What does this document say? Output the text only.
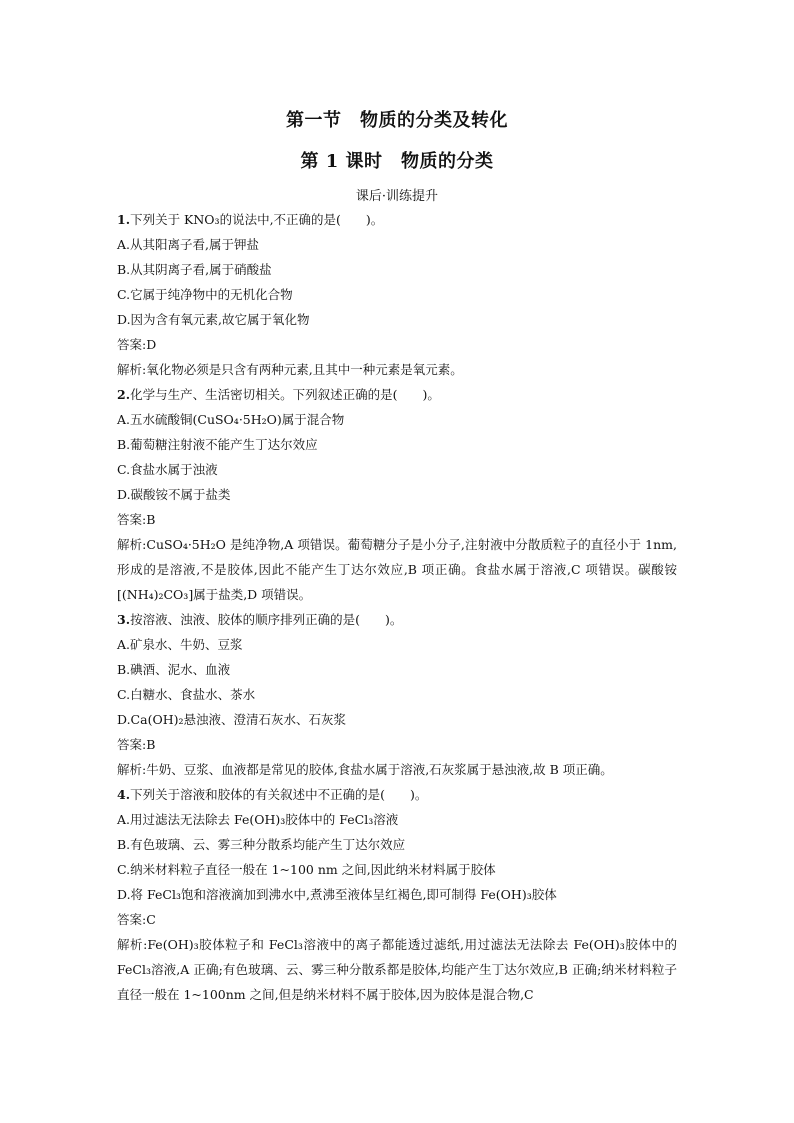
第一节　物质的分类及转化
第 1 课时　物质的分类
课后·训练提升
1.下列关于 KNO₃的说法中,不正确的是(　　)。
A.从其阳离子看,属于钾盐
B.从其阴离子看,属于硝酸盐
C.它属于纯净物中的无机化合物
D.因为含有氧元素,故它属于氧化物
答案:D
解析:氧化物必须是只含有两种元素,且其中一种元素是氧元素。
2.化学与生产、生活密切相关。下列叙述正确的是(　　)。
A.五水硫酸铜(CuSO₄·5H₂O)属于混合物
B.葡萄糖注射液不能产生丁达尔效应
C.食盐水属于浊液
D.碳酸铵不属于盐类
答案:B
解析:CuSO₄·5H₂O 是纯净物,A 项错误。葡萄糖分子是小分子,注射液中分散质粒子的直径小于 1nm,形成的是溶液,不是胶体,因此不能产生丁达尔效应,B 项正确。食盐水属于溶液,C 项错误。碳酸铵[(NH₄)₂CO₃]属于盐类,D 项错误。
3.按溶液、浊液、胶体的顺序排列正确的是(　　)。
A.矿泉水、牛奶、豆浆
B.碘酒、泥水、血液
C.白糖水、食盐水、茶水
D.Ca(OH)₂悬浊液、澄清石灰水、石灰浆
答案:B
解析:牛奶、豆浆、血液都是常见的胶体,食盐水属于溶液,石灰浆属于悬浊液,故 B 项正确。
4.下列关于溶液和胶体的有关叙述中不正确的是(　　)。
A.用过滤法无法除去 Fe(OH)₃胶体中的 FeCl₃溶液
B.有色玻璃、云、雾三种分散系均能产生丁达尔效应
C.纳米材料粒子直径一般在 1~100 nm 之间,因此纳米材料属于胶体
D.将 FeCl₃饱和溶液滴加到沸水中,煮沸至液体呈红褐色,即可制得 Fe(OH)₃胶体
答案:C
解析:Fe(OH)₃胶体粒子和 FeCl₃溶液中的离子都能透过滤纸,用过滤法无法除去 Fe(OH)₃胶体中的 FeCl₃溶液,A 正确;有色玻璃、云、雾三种分散系都是胶体,均能产生丁达尔效应,B 正确;纳米材料粒子直径一般在 1~100nm 之间,但是纳米材料不属于胶体,因为胶体是混合物,C
